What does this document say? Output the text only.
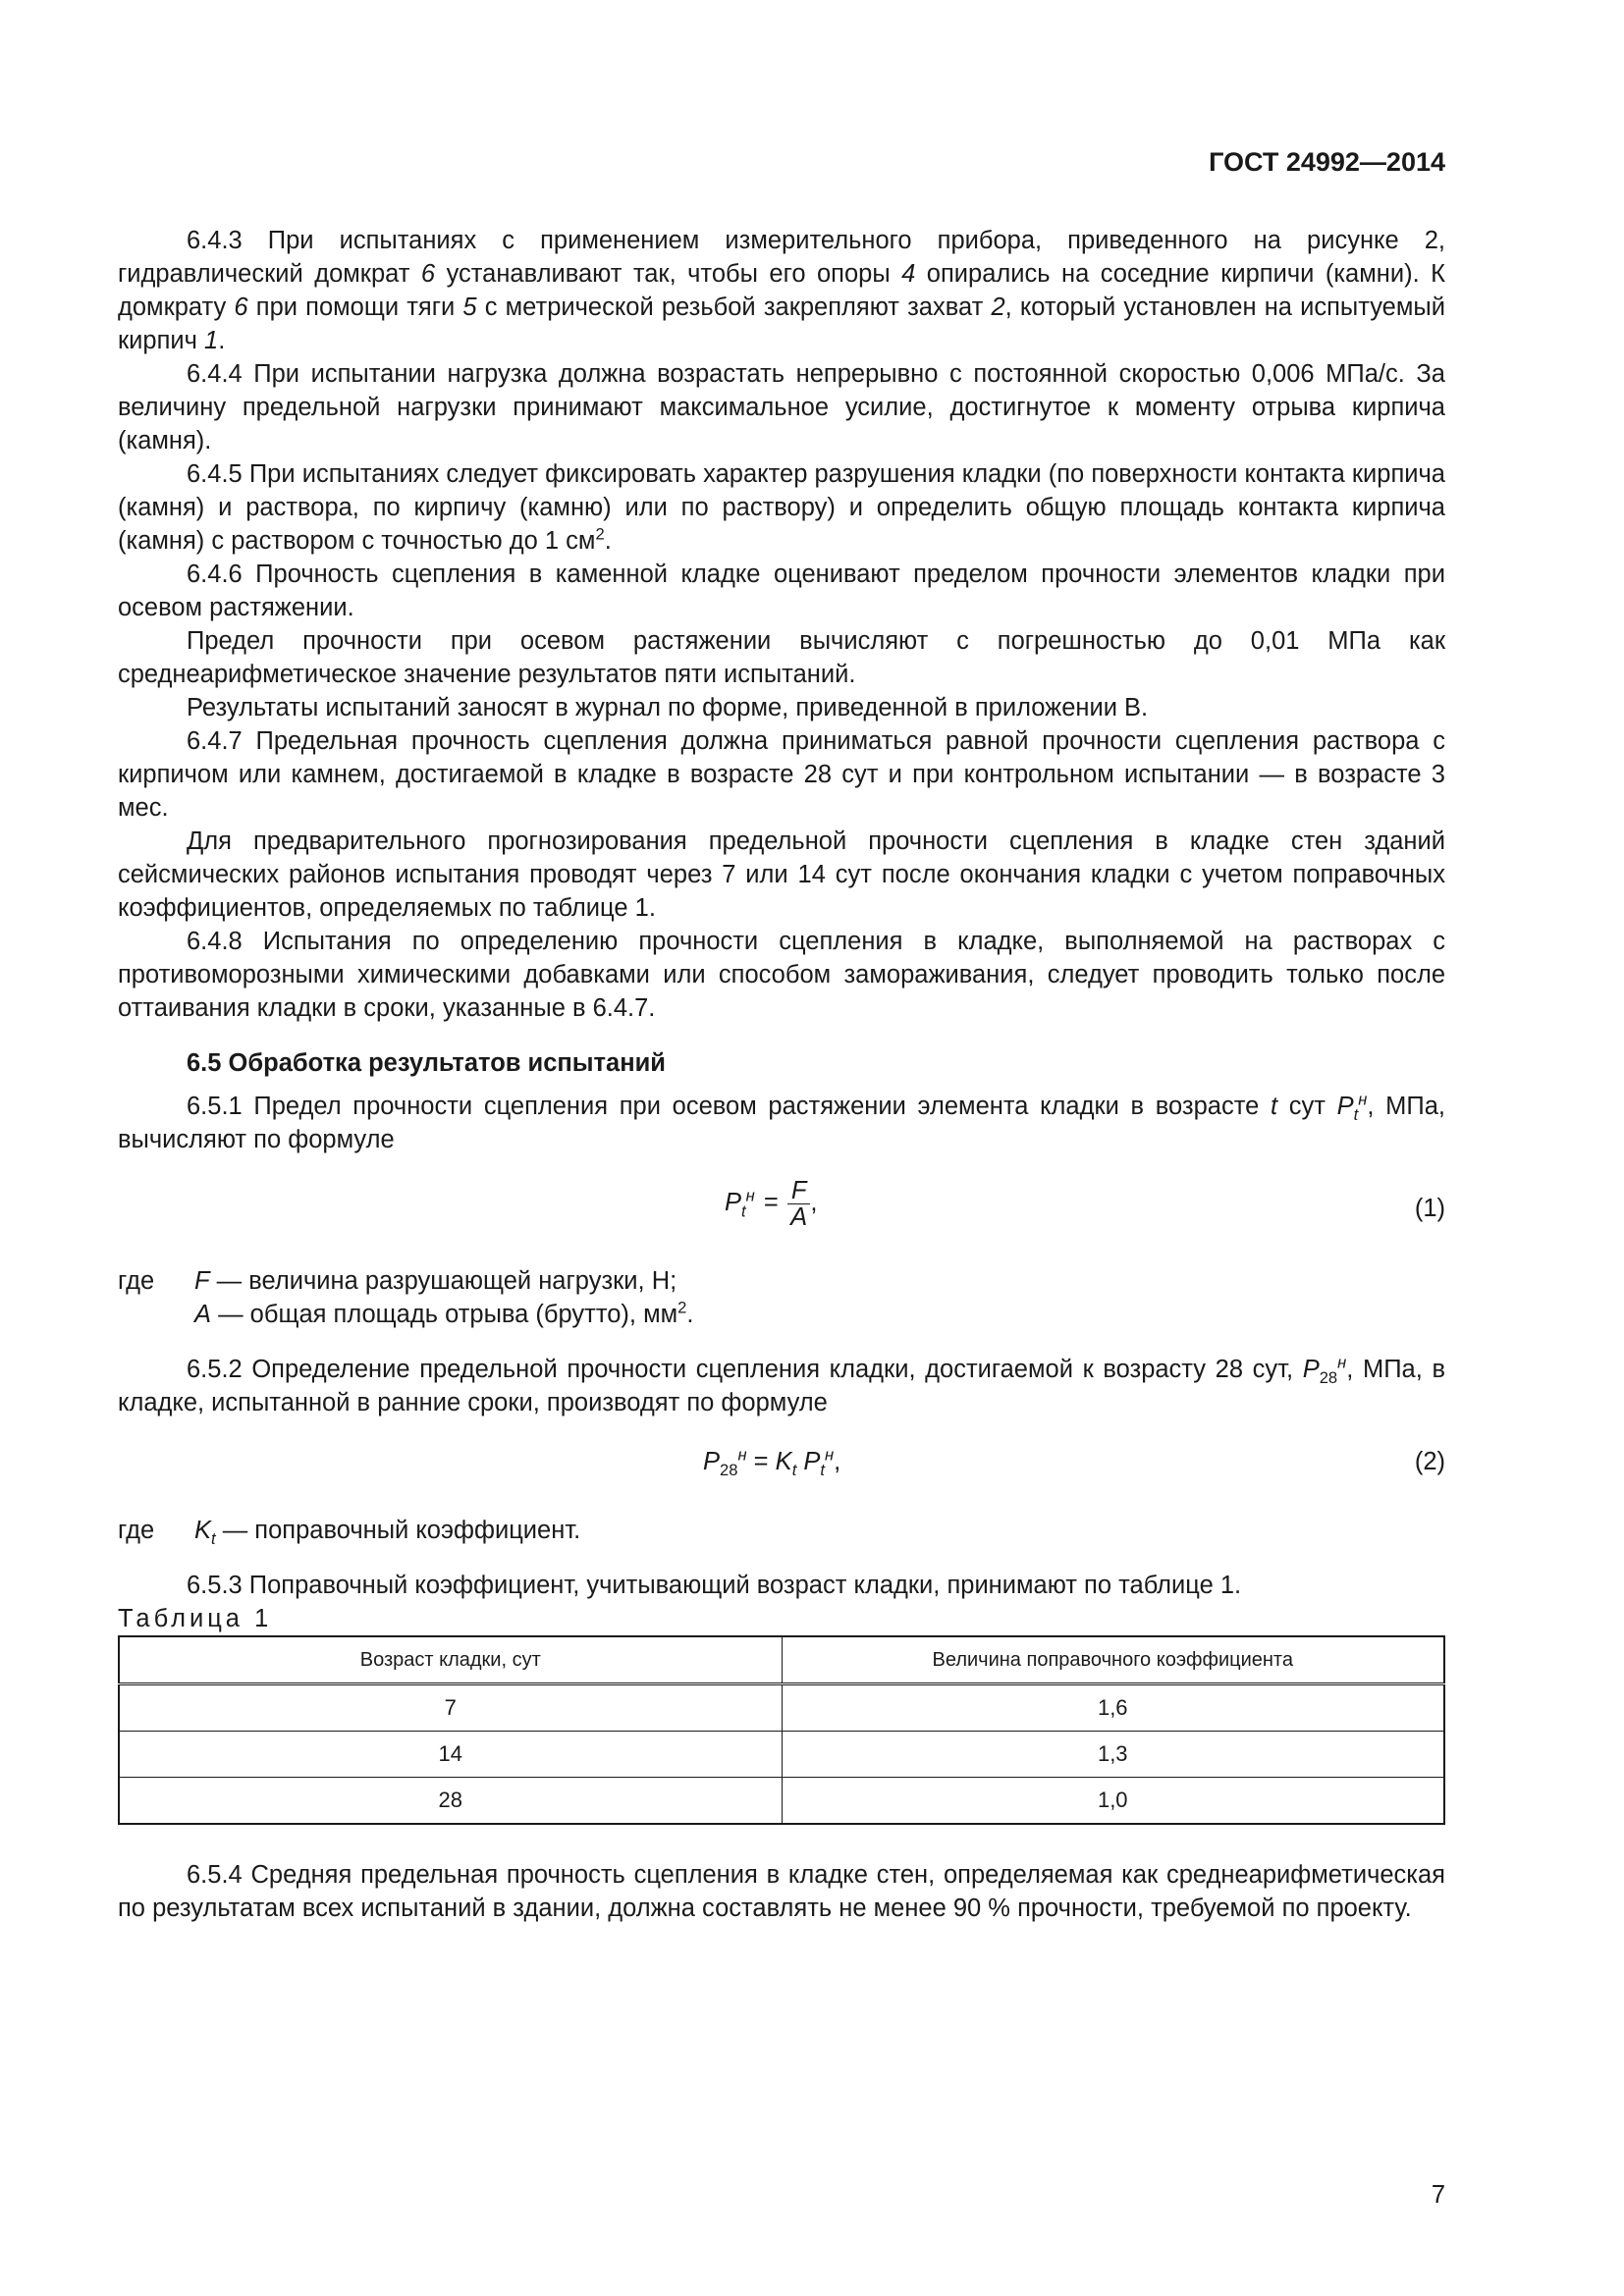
ГОСТ 24992—2014

6.4.3 При испытаниях с применением измерительного прибора, приведенного на рисунке 2, гидравлический домкрат 6 устанавливают так, чтобы его опоры 4 опирались на соседние кирпичи (камни). К домкрату 6 при помощи тяги 5 с метрической резьбой закрепляют захват 2, который установлен на испытуемый кирпич 1.

6.4.4 При испытании нагрузка должна возрастать непрерывно с постоянной скоростью 0,006 МПа/с. За величину предельной нагрузки принимают максимальное усилие, достигнутое к моменту отрыва кирпича (камня).

6.4.5 При испытаниях следует фиксировать характер разрушения кладки (по поверхности контакта кирпича (камня) и раствора, по кирпичу (камню) или по раствору) и определить общую площадь контакта кирпича (камня) с раствором с точностью до 1 $см^2$.

6.4.6 Прочность сцепления в каменной кладке оценивают пределом прочности элементов кладки при осевом растяжении.

Предел прочности при осевом растяжении вычисляют с погрешностью до 0,01 МПа как среднеарифметическое значение результатов пяти испытаний.

Результаты испытаний заносят в журнал по форме, приведенной в приложении В.

6.4.7 Предельная прочность сцепления должна приниматься равной прочности сцепления раствора с кирпичом или камнем, достигаемой в кладке в возрасте 28 сут и при контрольном испытании — в возрасте 3 мес.

Для предварительного прогнозирования предельной прочности сцепления в кладке стен зданий сейсмических районов испытания проводят через 7 или 14 сут после окончания кладки с учетом поправочных коэффициентов, определяемых по таблице 1.

6.4.8 Испытания по определению прочности сцепления в кладке, выполняемой на растворах с противоморозными химическими добавками или способом замораживания, следует проводить только после оттаивания кладки в сроки, указанные в 6.4.7.

6.5 Обработка результатов испытаний

6.5.1 Предел прочности сцепления при осевом растяжении элемента кладки в возрасте t сут $P_t^н$, МПа, вычисляют по формуле

$P_t^н = \frac{F}{A}$ ,	(1)
где	F — величина разрушающей нагрузки, Н;
A — общая площадь отрыва (брутто), $мм^2$.

6.5.2 Определение предельной прочности сцепления кладки, достигаемой к возрасту 28 сут, $P_{28}^н$, МПа, в кладке, испытанной в ранние сроки, производят по формуле

$P_{28}^н = K_t$ $P_t^н$,	(2)
где	$K_t$ — поправочный коэффициент.

6.5.3 Поправочный коэффициент, учитывающий возраст кладки, принимают по таблице 1.

Таблица 1

Возраст кладки, сут	Величина поправочного коэффициента
7	1,6
14	1,3
28	1,0

6.5.4 Средняя предельная прочность сцепления в кладке стен, определяемая как среднеарифметическая по результатам всех испытаний в здании, должна составлять не менее 90 % прочности, требуемой по проекту.

7
